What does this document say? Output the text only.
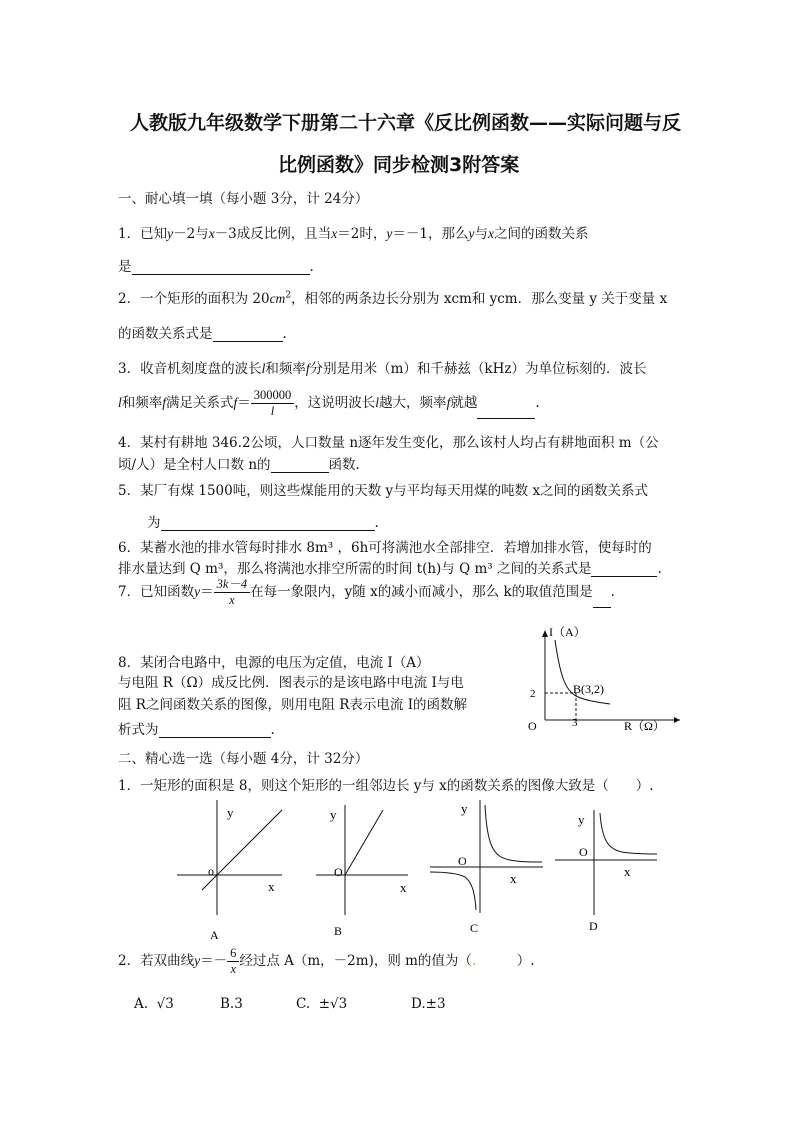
人教版九年级数学下册第二十六章《反比例函数——实际问题与反
比例函数》同步检测3附答案
一、耐心填一填（每小题 3分，计 24分）
1．已知y－2与x－3成反比例，且当x＝2时，y＝－1，那么y与x之间的函数关系
是	.
2．一个矩形的面积为 $20cm^2$，相邻的两条边长分别为 xcm和 ycm．那么变量 y 关于变量 x
的函数关系式是	.
3．收音机刻度盘的波长l和频率f分别是用米（m）和千赫兹（kHz）为单位标刻的．波长
l和频率f满足关系式$f= \frac{300000}{l}$ ，这说明波长l越大，频率f就越	.
4．某村有耕地 346.2公顷，人口数量 n逐年发生变化，那么该村人均占有耕地面积 m（公
顷/人）是全村人口数 n的	函数.
5．某厂有煤 1500吨，则这些煤能用的天数 y与平均每天用煤的吨数 x之间的函数关系式
为	.
6．某蓄水池的排水管每时排水 8m³ ，6h可将满池水全部排空．若增加排水管，使每时的
排水量达到 Q m³，那么将满池水排空所需的时间 t(h)与 Q m³ 之间的关系式是	.
7．已知函数$y= \frac{3k-4}{x}$ 在每一象限内，y随 x的减小而减小，那么 k的取值范围是 .
8．某闭合电路中，电源的电压为定值，电流 I（A）
与电阻 R（Ω）成反比例．图表示的是该电路中电流 I与电
阻 R之间函数关系的图像，则用电阻 R表示电流 I的函数解
析式为	.
I（A）
R（Ω）
O
B(3,2)
3
2
二、精心选一选（每小题 4分，计 32分）
1．一矩形的面积是 8，则这个矩形的一组邻边长 y与 x的函数关系的图像大致是（　　）.
y
x
o
A
y
x
O
B
y
x
O
C
y
x
O
D
2．若双曲线$y=- \frac{6}{x}$ 经过点 A（m，－2m)，则 m的值为（.　　　）.
A. √3	B.3	C. ±√3	D.±3
